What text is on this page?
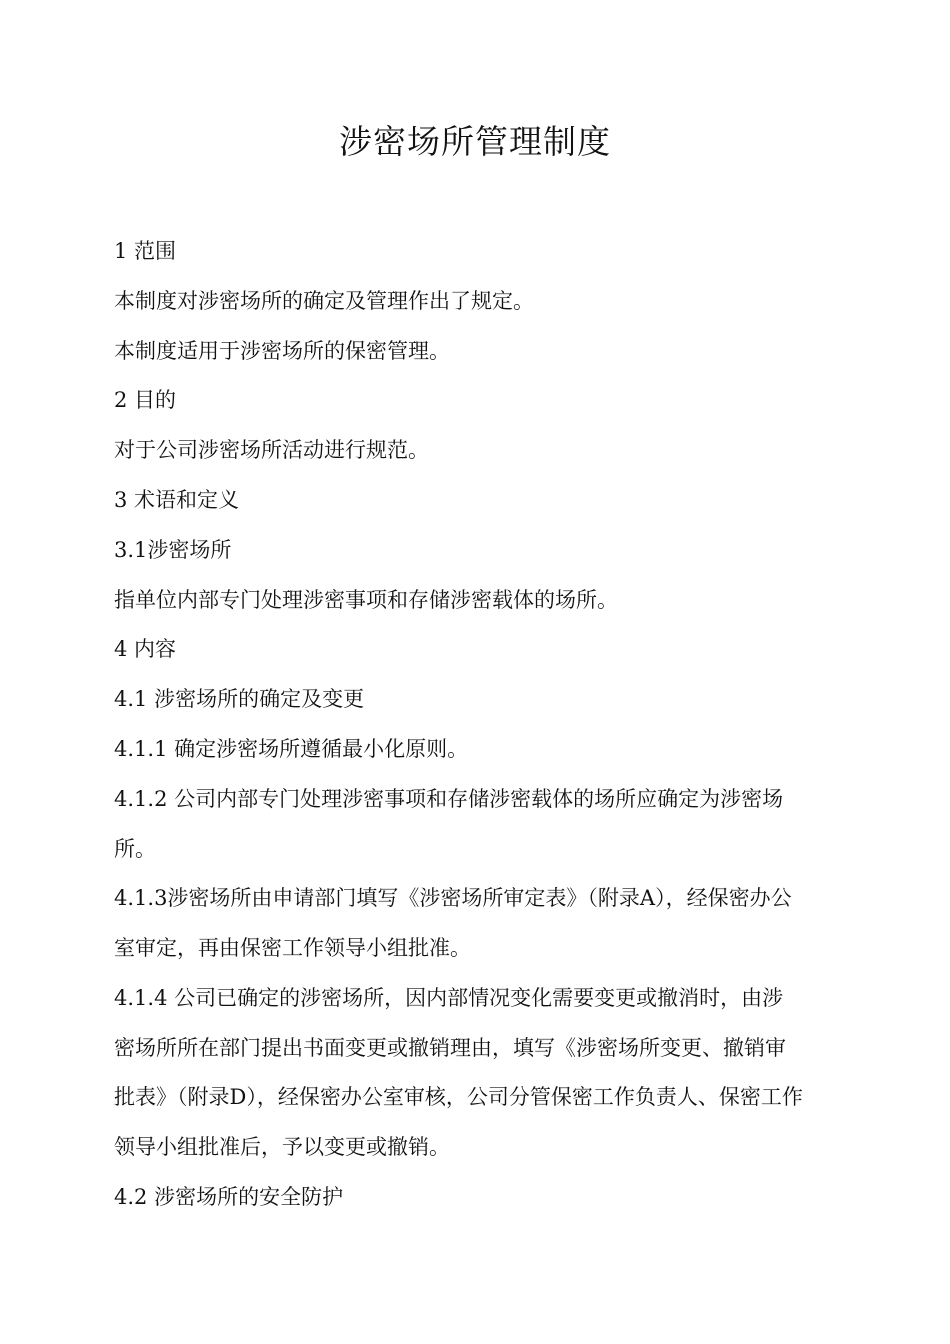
涉密场所管理制度
1 范围
本制度对涉密场所的确定及管理作出了规定。
本制度适用于涉密场所的保密管理。
2 目的
对于公司涉密场所活动进行规范。
3 术语和定义
3.1涉密场所
指单位内部专门处理涉密事项和存储涉密载体的场所。
4 内容
4.1 涉密场所的确定及变更
4.1.1 确定涉密场所遵循最小化原则。
4.1.2 公司内部专门处理涉密事项和存储涉密载体的场所应确定为涉密场
所。
4.1.3涉密场所由申请部门填写《涉密场所审定表》（附录A），经保密办公
室审定，再由保密工作领导小组批准。
4.1.4 公司已确定的涉密场所，因内部情况变化需要变更或撤消时，由涉
密场所所在部门提出书面变更或撤销理由，填写《涉密场所变更、撤销审
批表》（附录D），经保密办公室审核，公司分管保密工作负责人、保密工作
领导小组批准后，予以变更或撤销。
4.2 涉密场所的安全防护
